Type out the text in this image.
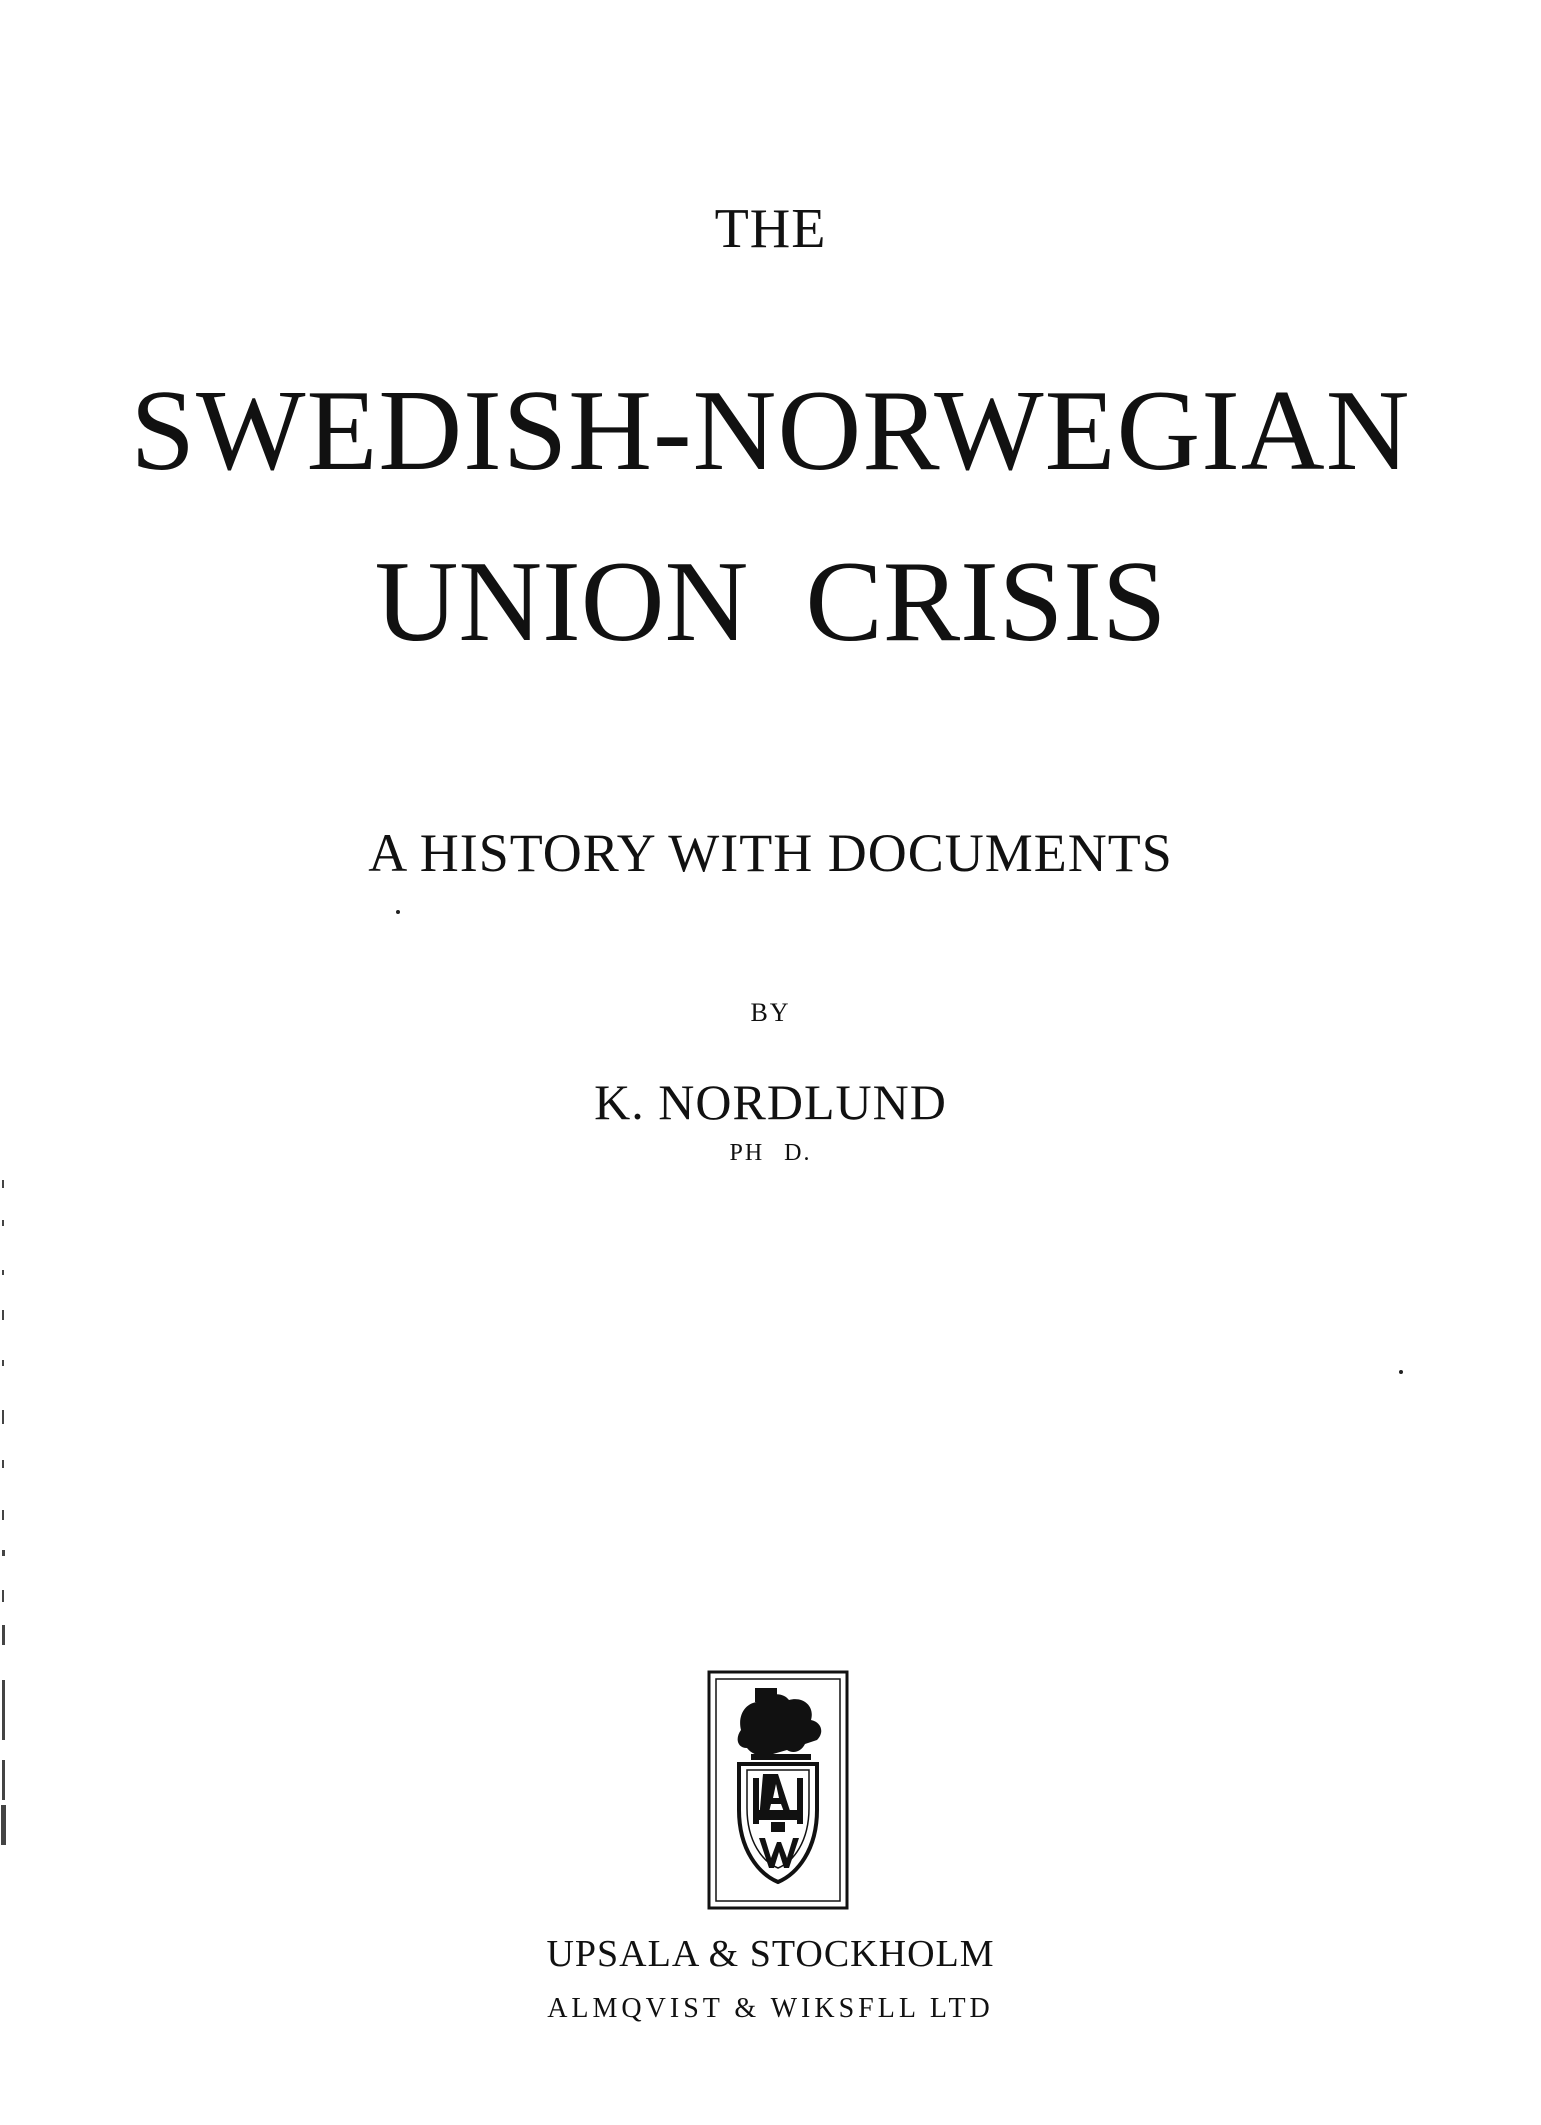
THE
SWEDISH-NORWEGIAN
UNION CRISIS
A HISTORY WITH DOCUMENTS
BY
K. NORDLUND
PH D.
UPSALA & STOCKHOLM
ALMQVIST & WIKSFLL LTD
